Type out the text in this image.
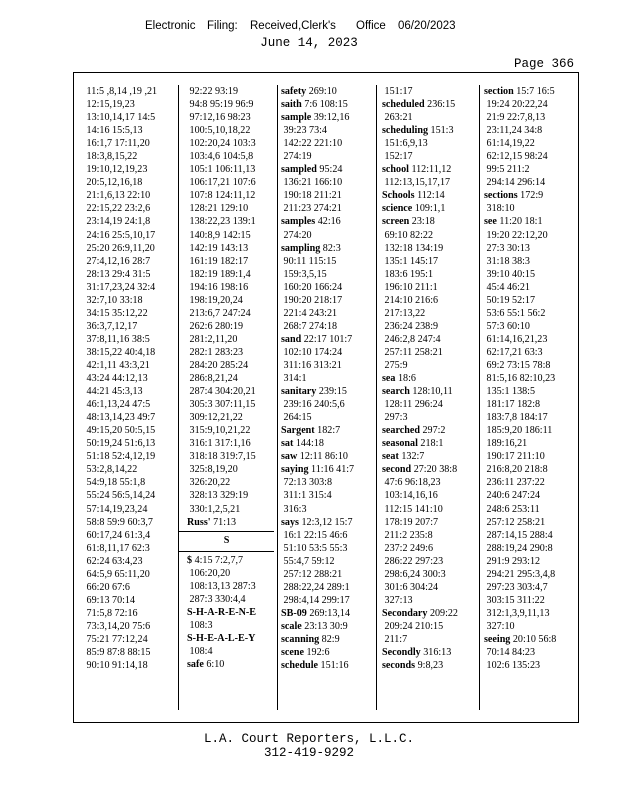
Electronic Filing: Received,Clerk's Office 06/20/2023
June 14, 2023
Page 366
11:5 ,8,14 ,19 ,21
12:15,19,23
13:10,14,17 14:5
14:16 15:5,13
16:1,7 17:11,20
18:3,8,15,22
19:10,12,19,23
20:5,12,16,18
21:1,6,13 22:10
22:15,22 23:2,6
23:14,19 24:1,8
24:16 25:5,10,17
25:20 26:9,11,20
27:4,12,16 28:7
28:13 29:4 31:5
31:17,23,24 32:4
32:7,10 33:18
34:15 35:12,22
36:3,7,12,17
37:8,11,16 38:5
38:15,22 40:4,18
42:1,11 43:3,21
43:24 44:12,13
44:21 45:3,13
46:1,13,24 47:5
48:13,14,23 49:7
49:15,20 50:5,15
50:19,24 51:6,13
51:18 52:4,12,19
53:2,8,14,22
54:9,18 55:1,8
55:24 56:5,14,24
57:14,19,23,24
58:8 59:9 60:3,7
60:17,24 61:3,4
61:8,11,17 62:3
62:24 63:4,23
64:5,9 65:11,20
66:20 67:6
69:13 70:14
71:5,8 72:16
73:3,14,20 75:6
75:21 77:12,24
85:9 87:8 88:15
90:10 91:14,18
92:22 93:19
94:8 95:19 96:9
97:12,16 98:23
100:5,10,18,22
102:20,24 103:3
103:4,6 104:5,8
105:1 106:11,13
106:17,21 107:6
107:8 124:11,12
128:21 129:10
138:22,23 139:1
140:8,9 142:15
142:19 143:13
161:19 182:17
182:19 189:1,4
194:16 198:16
198:19,20,24
213:6,7 247:24
262:6 280:19
281:2,11,20
282:1 283:23
284:20 285:24
286:8,21,24
287:4 304:20,21
305:3 307:11,15
309:12,21,22
315:9,10,21,22
316:1 317:1,16
318:18 319:7,15
325:8,19,20
326:20,22
328:13 329:19
330:1,2,5,21
Russ' 71:13
S
$ 4:15 7:2,7,7
106:20,20
108:13,13 287:3
287:3 330:4,4
S-H-A-R-E-N-E
108:3
S-H-E-A-L-E-Y
108:4
safe 6:10
safety 269:10
saith 7:6 108:15
sample 39:12,16
39:23 73:4
142:22 221:10
274:19
sampled 95:24
136:21 166:10
190:18 211:21
211:23 274:21
samples 42:16
274:20
sampling 82:3
90:11 115:15
159:3,5,15
160:20 166:24
190:20 218:17
221:4 243:21
268:7 274:18
sand 22:17 101:7
102:10 174:24
311:16 313:21
314:1
sanitary 239:15
239:16 240:5,6
264:15
Sargent 182:7
sat 144:18
saw 12:11 86:10
saying 11:16 41:7
72:13 303:8
311:1 315:4
316:3
says 12:3,12 15:7
16:1 22:15 46:6
51:10 53:5 55:3
55:4,7 59:12
257:12 288:21
288:22,24 289:1
298:4,14 299:17
SB-09 269:13,14
scale 23:13 30:9
scanning 82:9
scene 192:6
schedule 151:16
151:17
scheduled 236:15
263:21
scheduling 151:3
151:6,9,13
152:17
school 112:11,12
112:13,15,17,17
Schools 112:14
science 109:1,1
screen 23:18
69:10 82:22
132:18 134:19
135:1 145:17
183:6 195:1
196:10 211:1
214:10 216:6
217:13,22
236:24 238:9
246:2,8 247:4
257:11 258:21
275:9
sea 18:6
search 128:10,11
128:11 296:24
297:3
searched 297:2
seasonal 218:1
seat 132:7
second 27:20 38:8
47:6 96:18,23
103:14,16,16
112:15 141:10
178:19 207:7
211:2 235:8
237:2 249:6
286:22 297:23
298:6,24 300:3
301:6 304:24
327:13
Secondary 209:22
209:24 210:15
211:7
Secondly 316:13
seconds 9:8,23
section 15:7 16:5
19:24 20:22,24
21:9 22:7,8,13
23:11,24 34:8
61:14,19,22
62:12,15 98:24
99:5 211:2
294:14 296:14
sections 172:9
318:10
see 11:20 18:1
19:20 22:12,20
27:3 30:13
31:18 38:3
39:10 40:15
45:4 46:21
50:19 52:17
53:6 55:1 56:2
57:3 60:10
61:14,16,21,23
62:17,21 63:3
69:2 73:15 78:8
81:5,16 82:10,23
135:1 138:5
181:17 182:8
183:7,8 184:17
185:9,20 186:11
189:16,21
190:17 211:10
216:8,20 218:8
236:11 237:22
240:6 247:24
248:6 253:11
257:12 258:21
287:14,15 288:4
288:19,24 290:8
291:9 293:12
294:21 295:3,4,8
297:23 303:4,7
303:15 311:22
312:1,3,9,11,13
327:10
seeing 20:10 56:8
70:14 84:23
102:6 135:23
L.A. Court Reporters, L.L.C.
312-419-9292
